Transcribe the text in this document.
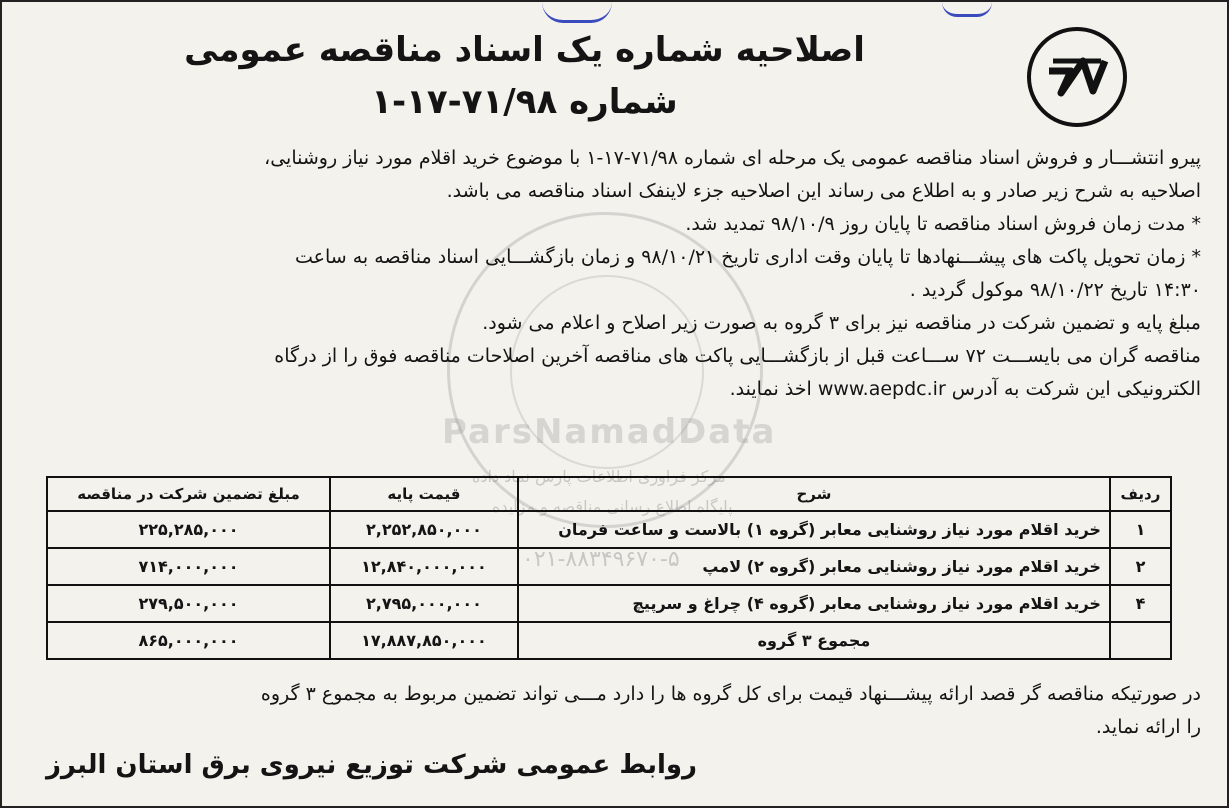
ParsNamadData
مرکز فراوری اطلاعات پارس نماد داده
پایگاه اطلاع رسانی مناقصه و مزایده
۰۲۱-۸۸۳۴۹۶۷۰-۵
اصلاحیه شماره یک اسناد مناقصه عمومی
شماره ۷۱/۹۸-۱۷-۱

پیرو انتشـــار و فروش اسناد مناقصه عمومی یک مرحله ای شماره ۷۱/۹۸-۱۷-۱ با موضوع خرید اقلام مورد نیاز روشنایی،

اصلاحیه به شرح زیر صادر و به اطلاع می رساند این اصلاحیه جزء لاینفک اسناد مناقصه می باشد.

* مدت زمان فروش اسناد مناقصه تا پایان روز ۹۸/۱۰/۹ تمدید شد.

* زمان تحویل پاکت های پیشـــنهادها تا پایان وقت اداری تاریخ ۹۸/۱۰/۲۱ و زمان بازگشـــایی اسناد مناقصه به ساعت

۱۴:۳۰ تاریخ ۹۸/۱۰/۲۲ موکول گردید .

مبلغ پایه و تضمین شرکت در مناقصه نیز برای ۳ گروه به صورت زیر اصلاح و اعلام می شود.

مناقصه گران می بایســـت ۷۲ ســـاعت قبل از بازگشـــایی پاکت های مناقصه آخرین اصلاحات مناقصه فوق را از درگاه

الکترونیکی این شرکت به آدرس www.aepdc.ir اخذ نمایند.

ردیف	شرح	قیمت پایه	مبلغ تضمین شرکت در مناقصه
۱	خرید اقلام مورد نیاز روشنایی معابر (گروه ۱) بالاست و ساعت فرمان	۲,۲۵۲,۸۵۰,۰۰۰	۲۲۵,۲۸۵,۰۰۰
۲	خرید اقلام مورد نیاز روشنایی معابر (گروه ۲) لامپ	۱۲,۸۴۰,۰۰۰,۰۰۰	۷۱۴,۰۰۰,۰۰۰
۴	خرید اقلام مورد نیاز روشنایی معابر (گروه ۴) چراغ و سرپیچ	۲,۷۹۵,۰۰۰,۰۰۰	۲۷۹,۵۰۰,۰۰۰
	مجموع ۳ گروه	۱۷,۸۸۷,۸۵۰,۰۰۰	۸۶۵,۰۰۰,۰۰۰

در صورتیکه مناقصه گر قصد ارائه پیشـــنهاد قیمت برای کل گروه ها را دارد مـــی تواند تضمین مربوط به مجموع ۳ گروه

را ارائه نماید.

روابط عمومی شرکت توزیع نیروی برق استان البرز
